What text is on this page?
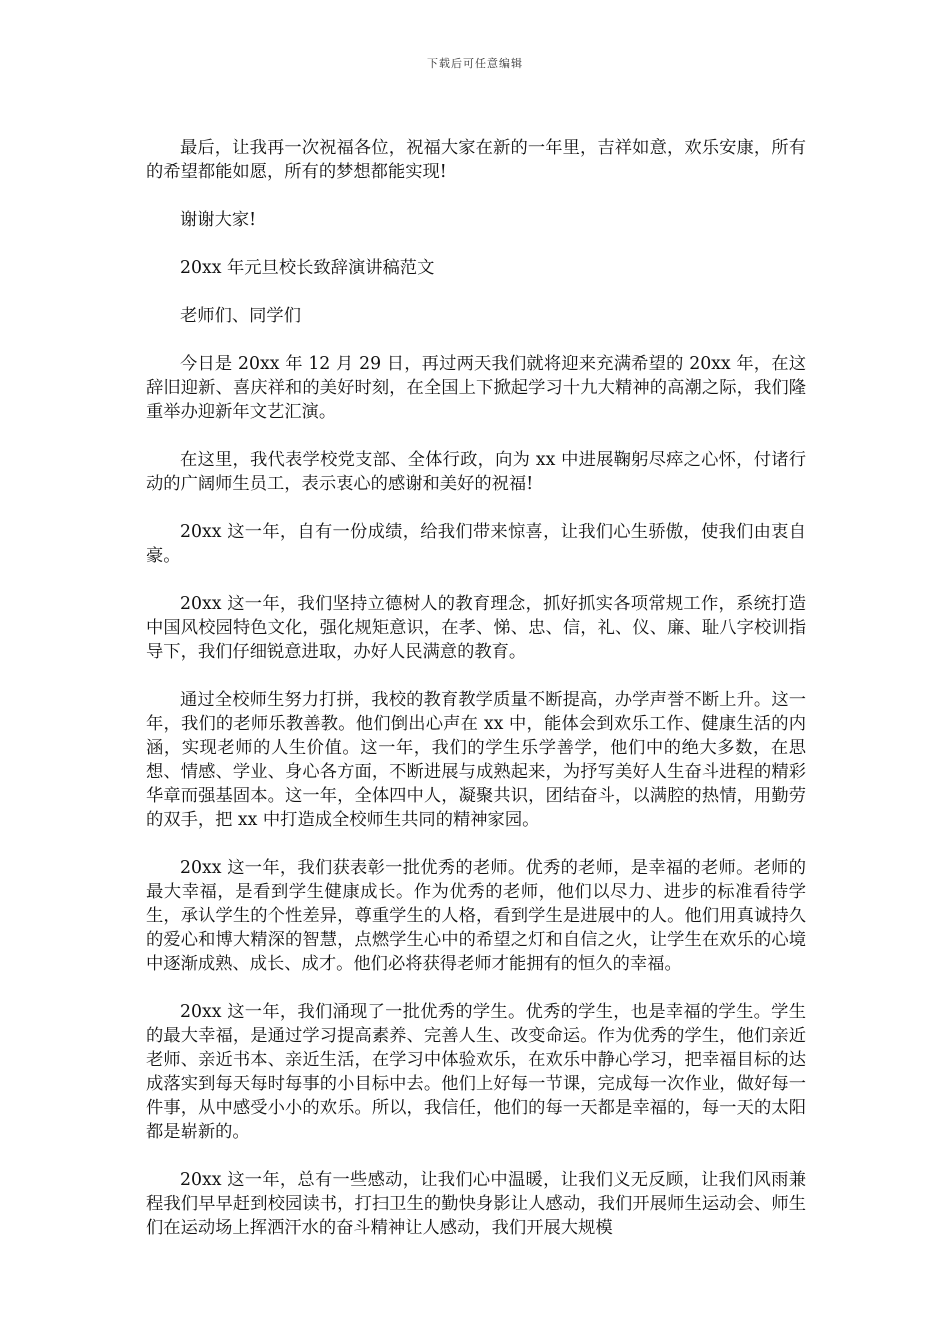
下载后可任意编辑

最后，让我再一次祝福各位，祝福大家在新的一年里，吉祥如意，欢乐安康，所有的希望都能如愿，所有的梦想都能实现!

谢谢大家!

20xx 年元旦校长致辞演讲稿范文

老师们、同学们

今日是 20xx 年 12 月 29 日，再过两天我们就将迎来充满希望的 20xx 年，在这辞旧迎新、喜庆祥和的美好时刻，在全国上下掀起学习十九大精神的高潮之际，我们隆重举办迎新年文艺汇演。

在这里，我代表学校党支部、全体行政，向为 xx 中进展鞠躬尽瘁之心怀，付诸行动的广阔师生员工，表示衷心的感谢和美好的祝福!

20xx 这一年，自有一份成绩，给我们带来惊喜，让我们心生骄傲，使我们由衷自豪。

20xx 这一年，我们坚持立德树人的教育理念，抓好抓实各项常规工作，系统打造中国风校园特色文化，强化规矩意识，在孝、悌、忠、信，礼、仪、廉、耻八字校训指导下，我们仔细锐意进取，办好人民满意的教育。

通过全校师生努力打拼，我校的教育教学质量不断提高，办学声誉不断上升。这一年，我们的老师乐教善教。他们倒出心声在 xx 中，能体会到欢乐工作、健康生活的内涵，实现老师的人生价值。这一年，我们的学生乐学善学，他们中的绝大多数，在思想、情感、学业、身心各方面，不断进展与成熟起来，为抒写美好人生奋斗进程的精彩华章而强基固本。这一年，全体四中人，凝聚共识，团结奋斗，以满腔的热情，用勤劳的双手，把 xx 中打造成全校师生共同的精神家园。

20xx 这一年，我们获表彰一批优秀的老师。优秀的老师，是幸福的老师。老师的最大幸福，是看到学生健康成长。作为优秀的老师，他们以尽力、进步的标准看待学生，承认学生的个性差异，尊重学生的人格，看到学生是进展中的人。他们用真诚持久的爱心和博大精深的智慧，点燃学生心中的希望之灯和自信之火，让学生在欢乐的心境中逐渐成熟、成长、成才。他们必将获得老师才能拥有的恒久的幸福。

20xx 这一年，我们涌现了一批优秀的学生。优秀的学生，也是幸福的学生。学生的最大幸福，是通过学习提高素养、完善人生、改变命运。作为优秀的学生，他们亲近老师、亲近书本、亲近生活，在学习中体验欢乐，在欢乐中静心学习，把幸福目标的达成落实到每天每时每事的小目标中去。他们上好每一节课，完成每一次作业，做好每一件事，从中感受小小的欢乐。所以，我信任，他们的每一天都是幸福的，每一天的太阳都是崭新的。

20xx 这一年，总有一些感动，让我们心中温暖，让我们义无反顾，让我们风雨兼程我们早早赶到校园读书，打扫卫生的勤快身影让人感动，我们开展师生运动会、师生们在运动场上挥洒汗水的奋斗精神让人感动，我们开展大规模
